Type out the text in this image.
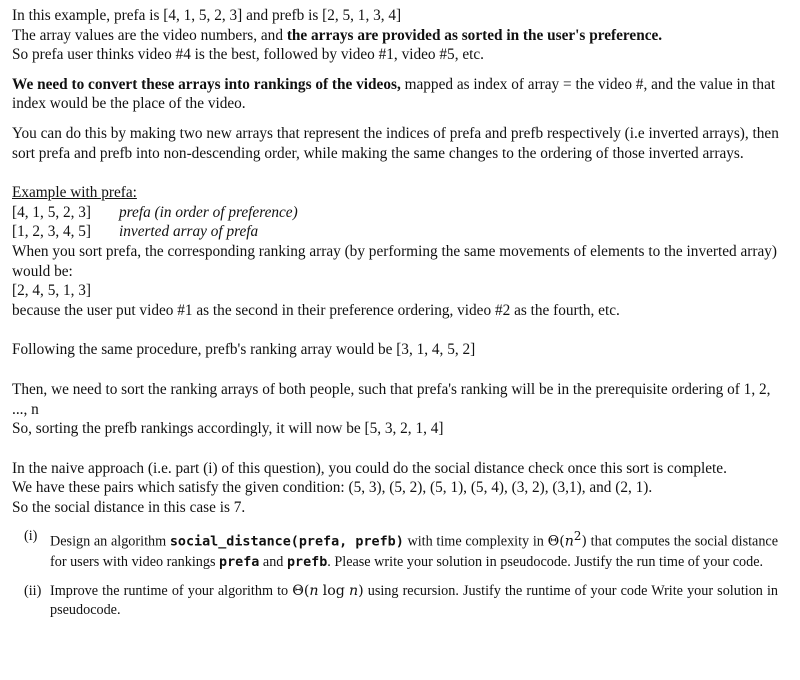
In this example, prefa is [4, 1, 5, 2, 3] and prefb is [2, 5, 1, 3, 4]

The array values are the video numbers, and the arrays are provided as sorted in the user's preference.

So prefa user thinks video #4 is the best, followed by video #1, video #5, etc.

We need to convert these arrays into rankings of the videos, mapped as index of array = the video #, and the value in that index would be the place of the video.

You can do this by making two new arrays that represent the indices of prefa and prefb respectively (i.e inverted arrays), then sort prefa and prefb into non-descending order, while making the same changes to the ordering of those inverted arrays.

Example with prefa:

[4, 1, 5, 2, 3]	prefa (in order of preference)
[1, 2, 3, 4, 5]	inverted array of prefa

When you sort prefa, the corresponding ranking array (by performing the same movements of elements to the inverted array) would be:

[2, 4, 5, 1, 3]

because the user put video #1 as the second in their preference ordering, video #2 as the fourth, etc.

Following the same procedure, prefb's ranking array would be [3, 1, 4, 5, 2]

Then, we need to sort the ranking arrays of both people, such that prefa's ranking will be in the prerequisite ordering of 1, 2, ..., n

So, sorting the prefb rankings accordingly, it will now be [5, 3, 2, 1, 4]

In the naive approach (i.e. part (i) of this question), you could do the social distance check once this sort is complete.

We have these pairs which satisfy the given condition: (5, 3), (5, 2), (5, 1), (5, 4), (3, 2), (3,1), and (2, 1).

So the social distance in this case is 7.

(i) Design an algorithm social_distance(prefa, prefb) with time complexity in $\Theta(n^2)$ that computes the social distance for users with video rankings prefa and prefb. Please write your solution in pseudocode. Justify the run time of your code.
(ii) Improve the runtime of your algorithm to Θ(n log n) using recursion. Justify the runtime of your code Write your solution in pseudocode.
